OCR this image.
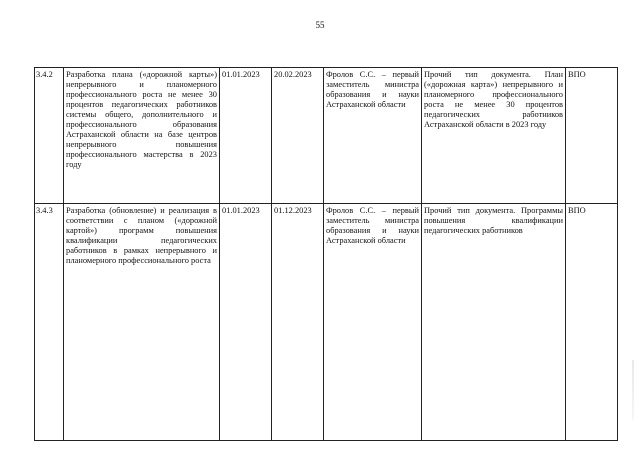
55
3.4.2	Разработка плана («дорожной карты») непрерывного и планомерного профессионального роста не менее 30 процентов педагогических работников системы общего, дополнительного и профессионального образования Астраханской области на базе центров непрерывного повышения профессионального мастерства в 2023 году	01.01.2023	20.02.2023	Фролов С.С. – первый заместитель министра образования и науки Астраханской области	Прочий тип документа. План («дорожная карта») непрерывного и планомерного профессионального роста не менее 30 процентов педагогических работников Астраханской области в 2023 году	ВПО
3.4.3	Разработка (обновление) и реализация в соответствии с планом («дорожной картой») программ повышения квалификации педагогических работников в рамках непрерывного и планомерного профессионального роста	01.01.2023	01.12.2023	Фролов С.С. – первый заместитель министра образования и науки Астраханской области	Прочий тип документа. Программы повышения квалификации педагогических работников	ВПО
